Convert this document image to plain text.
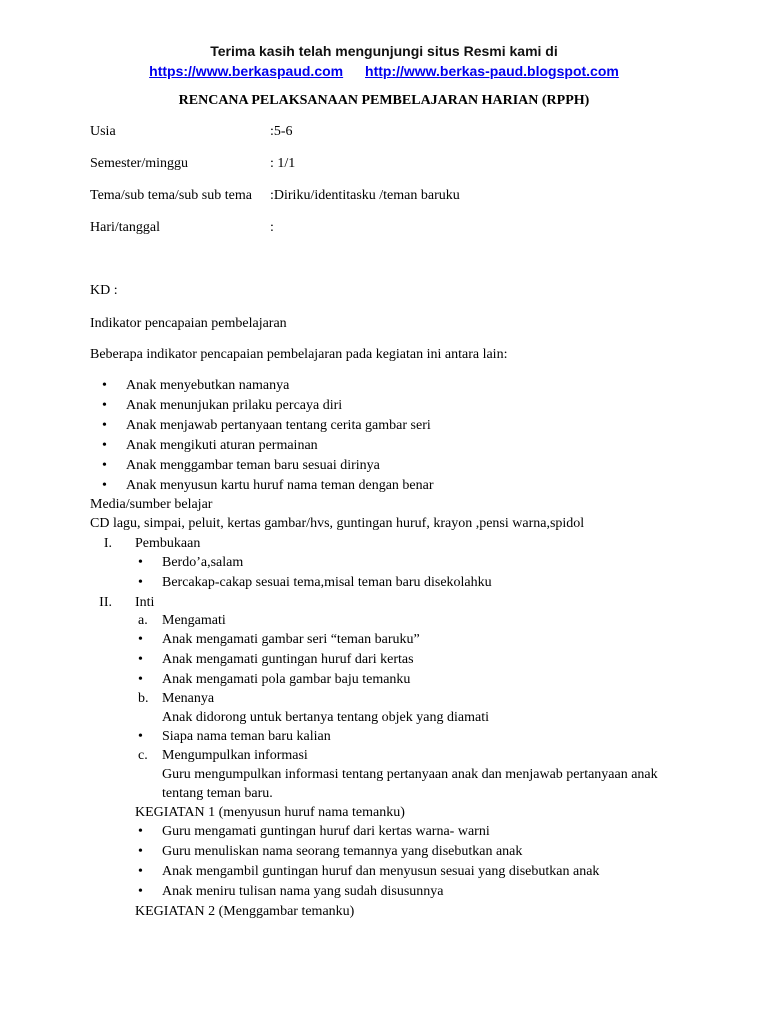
Terima kasih telah mengunjungi situs Resmi kami di
https://www.berkaspaud.com http://www.berkas-paud.blogspot.com
RENCANA PELAKSANAAN PEMBELAJARAN HARIAN (RPPH)
Usia	:5-6
Semester/minggu	: 1/1
Tema/sub tema/sub sub tema :Diriku/identitasku /teman baruku
Hari/tanggal	:
KD :
Indikator pencapaian pembelajaran
Beberapa indikator pencapaian pembelajaran pada kegiatan ini antara lain:
• Anak menyebutkan namanya
• Anak menunjukan prilaku percaya diri
• Anak menjawab pertanyaan tentang cerita gambar seri
• Anak mengikuti aturan permainan
• Anak menggambar teman baru sesuai dirinya
• Anak menyusun kartu huruf nama teman dengan benar
Media/sumber belajar
CD lagu, simpai, peluit, kertas gambar/hvs, guntingan huruf, krayon ,pensi warna,spidol
I. Pembukaan
• Berdo’a,salam
• Bercakap-cakap sesuai tema,misal teman baru disekolahku
II. Inti
a. Mengamati
• Anak mengamati gambar seri “teman baruku”
• Anak mengamati guntingan huruf dari kertas
• Anak mengamati pola gambar baju temanku
b. Menanya
Anak didorong untuk bertanya tentang objek yang diamati
• Siapa nama teman baru kalian
c. Mengumpulkan informasi
Guru mengumpulkan informasi tentang pertanyaan anak dan menjawab pertanyaan anak
tentang teman baru.
KEGIATAN 1 (menyusun huruf nama temanku)
• Guru mengamati guntingan huruf dari kertas warna- warni
• Guru menuliskan nama seorang temannya yang disebutkan anak
• Anak mengambil guntingan huruf dan menyusun sesuai yang disebutkan anak
• Anak meniru tulisan nama yang sudah disusunnya
KEGIATAN 2 (Menggambar temanku)
